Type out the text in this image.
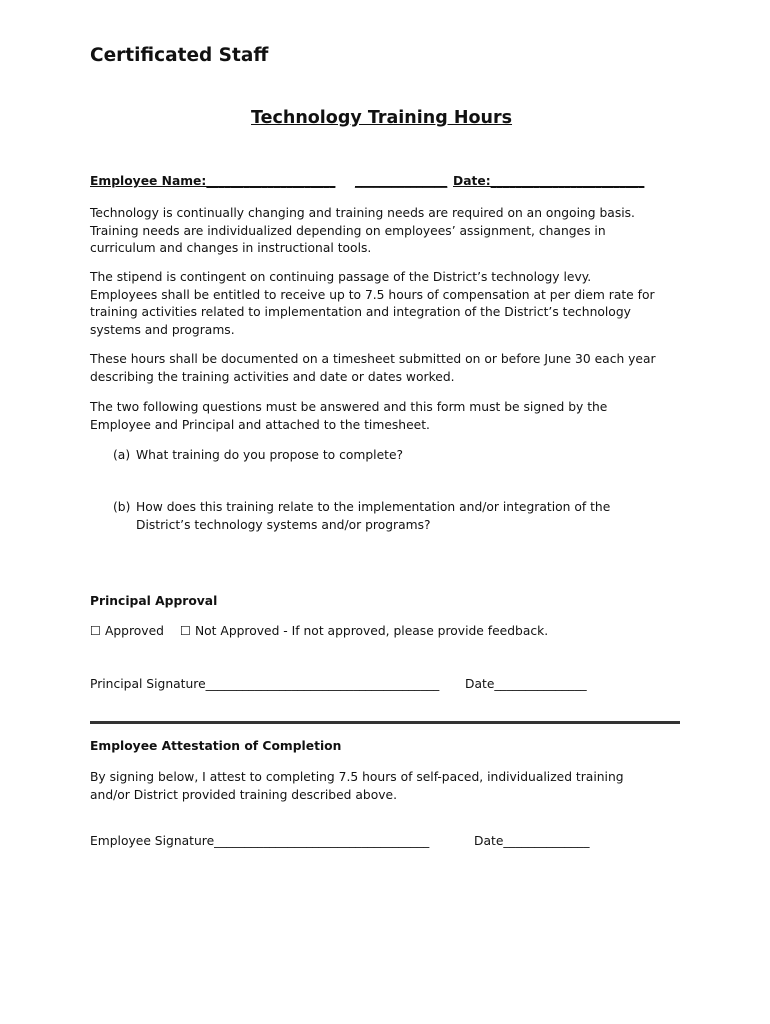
Certificated Staff
Technology Training Hours
Employee Name:_____________________ _______________ Date:_________________________
Technology is continually changing and training needs are required on an ongoing basis.
Training needs are individualized depending on employees’ assignment, changes in
curriculum and changes in instructional tools.
The stipend is contingent on continuing passage of the District’s technology levy.
Employees shall be entitled to receive up to 7.5 hours of compensation at per diem rate for
training activities related to implementation and integration of the District’s technology
systems and programs.
These hours shall be documented on a timesheet submitted on or before June 30 each year
describing the training activities and date or dates worked.
The two following questions must be answered and this form must be signed by the
Employee and Principal and attached to the timesheet.
(a) What training do you propose to complete?
(b) How does this training relate to the implementation and/or integration of the
District’s technology systems and/or programs?
Principal Approval
☐ Approved ☐ Not Approved - If not approved, please provide feedback.
Principal Signature______________________________________ Date_______________
Employee Attestation of Completion
By signing below, I attest to completing 7.5 hours of self-paced, individualized training
and/or District provided training described above.
Employee Signature___________________________________	Date______________
